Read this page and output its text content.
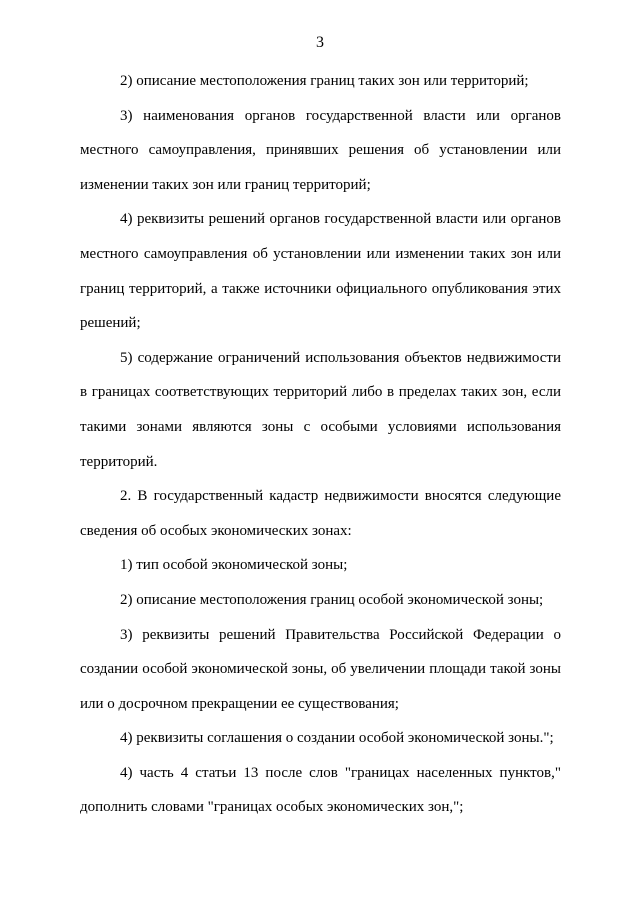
3

2) описание местоположения границ таких зон или территорий;

3) наименования органов государственной власти или органов местного самоуправления, принявших решения об установлении или изменении таких зон или границ территорий;

4) реквизиты решений органов государственной власти или органов местного самоуправления об установлении или изменении таких зон или границ территорий, а также источники официального опубликования этих решений;

5) содержание ограничений использования объектов недвижимости в границах соответствующих территорий либо в пределах таких зон, если такими зонами являются зоны с особыми условиями использования территорий.

2. В государственный кадастр недвижимости вносятся следующие сведения об особых экономических зонах:

1) тип особой экономической зоны;

2) описание местоположения границ особой экономической зоны;

3) реквизиты решений Правительства Российской Федерации о создании особой экономической зоны, об увеличении площади такой зоны или о досрочном прекращении ее существования;

4) реквизиты соглашения о создании особой экономической зоны.";

4) часть 4 статьи 13 после слов "границах населенных пунктов," дополнить словами "границах особых экономических зон,";
